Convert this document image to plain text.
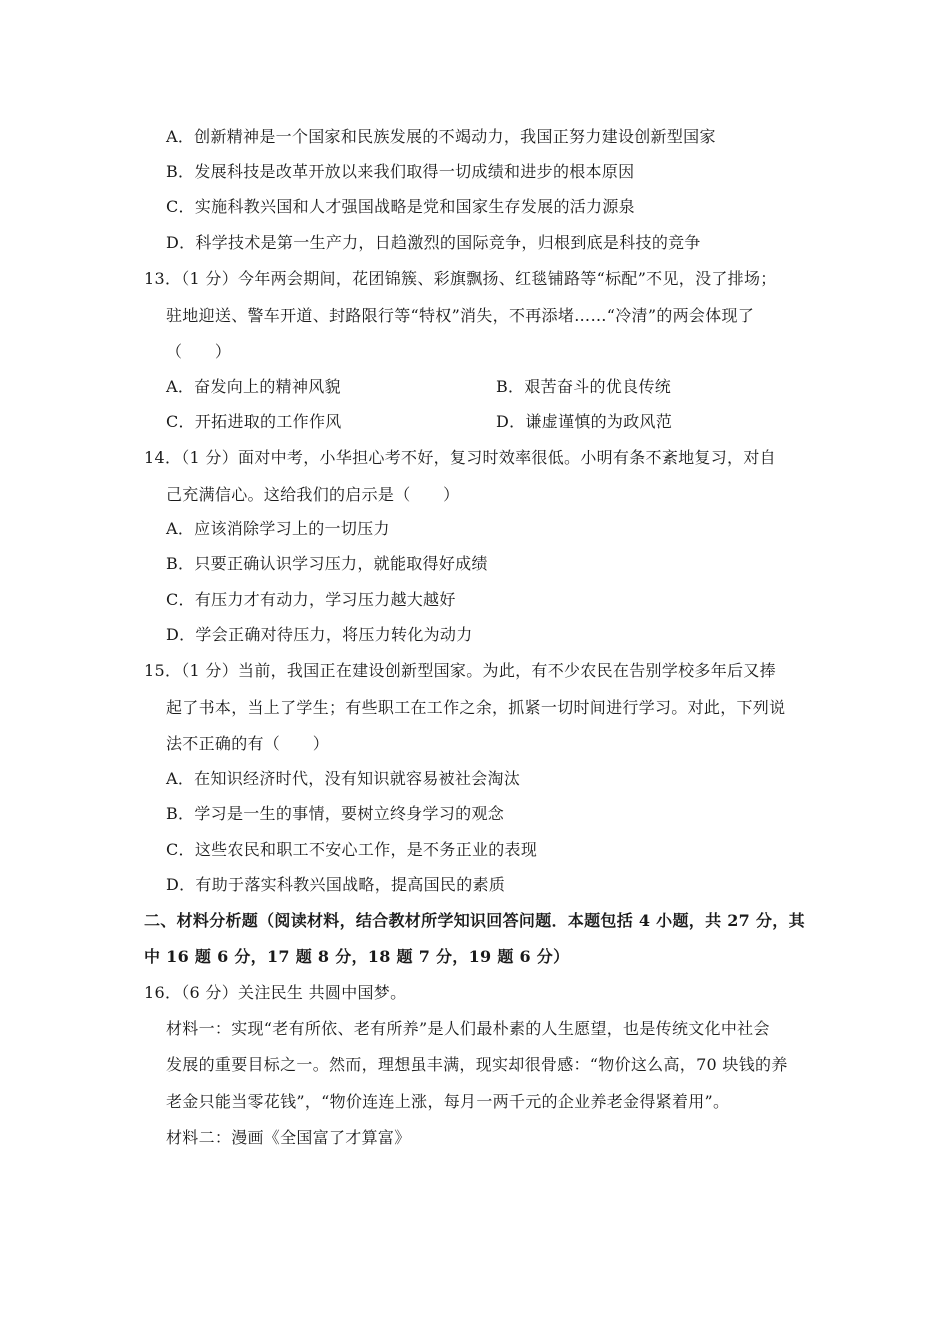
A．创新精神是一个国家和民族发展的不竭动力，我国正努力建设创新型国家
B．发展科技是改革开放以来我们取得一切成绩和进步的根本原因
C．实施科教兴国和人才强国战略是党和国家生存发展的活力源泉
D．科学技术是第一生产力，日趋激烈的国际竞争，归根到底是科技的竞争
13．（1 分）今年两会期间，花团锦簇、彩旗飘扬、红毯铺路等“标配”不见，没了排场；
驻地迎送、警车开道、封路限行等“特权”消失，不再添堵……“冷清”的两会体现了
（　　）
A．奋发向上的精神风貌	B．艰苦奋斗的优良传统
C．开拓进取的工作作风	D．谦虚谨慎的为政风范
14．（1 分）面对中考，小华担心考不好，复习时效率很低。小明有条不紊地复习，对自
己充满信心。这给我们的启示是（　　）
A．应该消除学习上的一切压力
B．只要正确认识学习压力，就能取得好成绩
C．有压力才有动力，学习压力越大越好
D．学会正确对待压力，将压力转化为动力
15．（1 分）当前，我国正在建设创新型国家。为此，有不少农民在告别学校多年后又捧
起了书本，当上了学生；有些职工在工作之余，抓紧一切时间进行学习。对此，下列说
法不正确的有（　　）
A．在知识经济时代，没有知识就容易被社会淘汰
B．学习是一生的事情，要树立终身学习的观念
C．这些农民和职工不安心工作，是不务正业的表现
D．有助于落实科教兴国战略，提高国民的素质
二、材料分析题（阅读材料，结合教材所学知识回答问题．本题包括 4 小题，共 27 分，其
中 16 题 6 分，17 题 8 分，18 题 7 分，19 题 6 分）
16．（6 分）关注民生 共圆中国梦。
材料一：实现“老有所依、老有所养”是人们最朴素的人生愿望，也是传统文化中社会
发展的重要目标之一。然而，理想虽丰满，现实却很骨感：“物价这么高，70 块钱的养
老金只能当零花钱”，“物价连连上涨，每月一两千元的企业养老金得紧着用”。
材料二：漫画《全国富了才算富》
